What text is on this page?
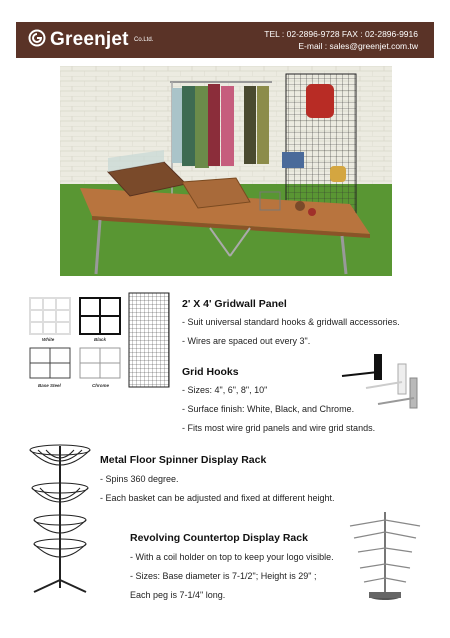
Greenjet Co.Ltd.
TEL : 02-2896-9728 FAX : 02-2896-9916
E-mail : sales@greenjet.com.tw
White	Black
Base Steel	Chrome
2' X 4' Gridwall Panel
- Suit universal standard hooks & gridwall accessories.
- Wires are spaced out every 3".
Grid Hooks
- Sizes: 4", 6", 8", 10"
- Surface finish: White, Black, and Chrome.
- Fits most wire grid panels and wire grid stands.
Metal Floor Spinner Display Rack
- Spins 360 degree.
- Each basket can be adjusted and fixed at different height.
Revolving Countertop Display Rack
- With a coil holder on top to keep your logo visible.
- Sizes: Base diameter is 7-1/2"; Height is 29" ;
Each peg is 7-1/4" long.
